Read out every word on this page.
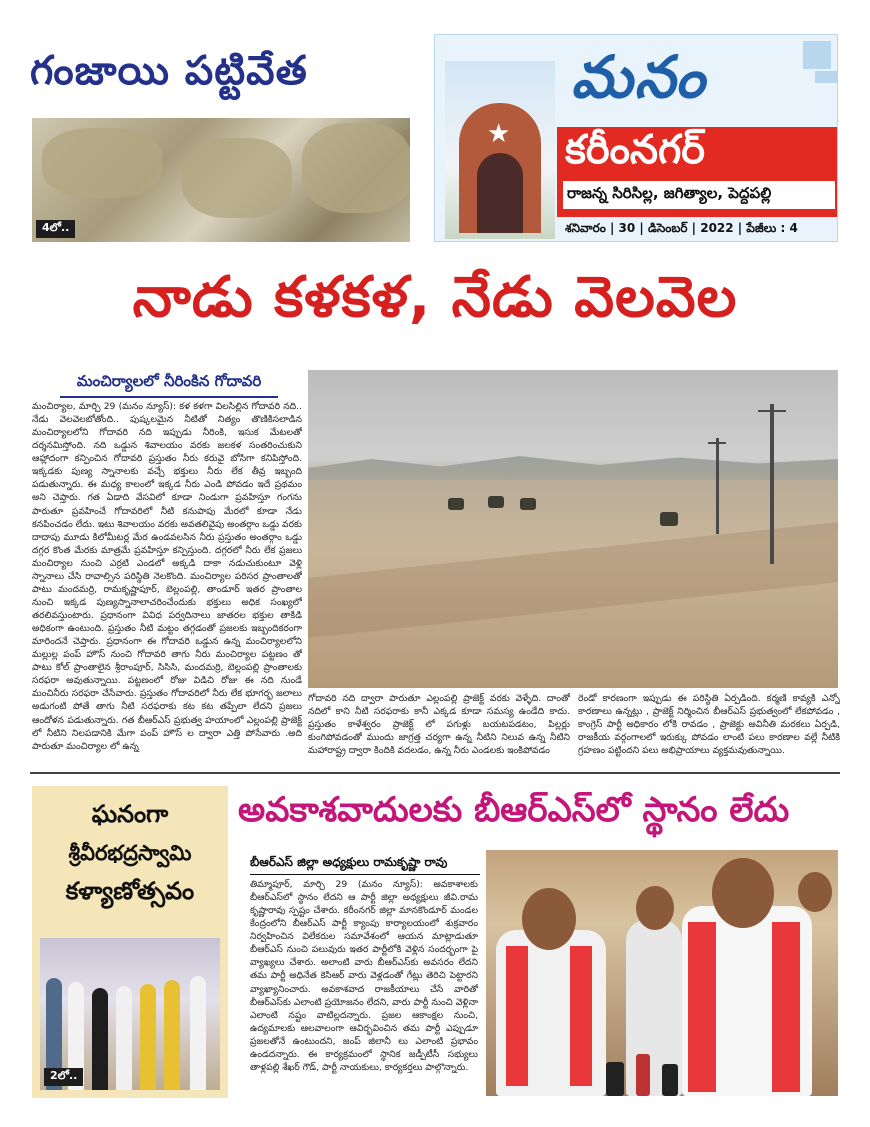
గంజాయి పట్టివేత
4లో..
★
మనం
కరీంనగర్
రాజన్న సిరిసిల్ల, జగిత్యాల, పెద్దపల్లి
శనివారం | 30 | డిసెంబర్ | 2022 | పేజీలు : 4
నాడు కళకళ, నేడు వెలవెల
మంచిర్యాలలో నీరింకిన గోదావరి
మంచిర్యాల, మార్చి 29 (మనం న్యూస్): కళ కళగా విలసిల్లిన గోదావరి నది.. నేడు వెలవెలబోతోంది.. పుష్కలమైన నీటితో నిత్యం తొణికిసలాడిన మంచిర్యాలలోని గోదావరి నది ఇప్పుడు నీరింకి, ఇసుక మేటలతో దర్శనమిస్తోంది. నది ఒడ్డున శివాలయం వరకు జలకళ సంతరించుకుని ఆహ్లాదంగా కన్పించిన గోదావరి ప్రస్తుతం నీరు కరువై బోసిగా కనిపిస్తోంది. ఇక్కడకు పుణ్య స్నానాలకు వచ్చే భక్తులు నీరు లేక తీవ్ర ఇబ్బంది పడుతున్నారు. ఈ మధ్య కాలంలో ఇక్కడ నీరు ఎండి పోవడం ఇదే ప్రథమం అని చెప్తారు. గత ఏడాది వేసవిలో కూడా నిండుగా ప్రవహిస్తూ గంగను పారుతూ ప్రవహించే గోదావరిలో నీటి కనుపాపు మేరలో కూడా నేడు కనపించడం లేదు. ఇటు శివాలయం వరకు అవతలివైపు అంతర్గాం ఒడ్డు వరకు దాదాపు మూడు కిలోమీటర్ల మేర ఉండవలసిన నీరు ప్రస్తుతం అంతర్గాం ఒడ్డు దగ్గర కొంత మేరకు మాత్రమే ప్రవహిస్తూ కన్పిస్తుంది. దగ్గరలో నీరు లేక ప్రజలు మంచిర్యాల నుంచి ఎర్రటి ఎండలో అక్కడి దాకా నడుచుకుంటూ వెళ్లి స్నానాలు చేసి రావాల్సిన పరిస్థితి నెలకొంది. మంచిర్యాల పరిసర ప్రాంతాలతో పాటు మందమర్రి, రామకృష్ణాపూర్, బెల్లంపల్లి, తాండూర్ ఇతర ప్రాంతాల నుంచి ఇక్కడ పుణ్యస్నానాలాచరించేందుకు భక్తులు అధిక సంఖ్యలో తరలివస్తుంటారు. ప్రధానంగా వివిధ పర్వదినాలు జాతరల భక్తుల తాకిడి అధికంగా ఉంటుంది. ప్రస్తుతం నీటి మట్టం తగ్గడంతో ప్రజలకు ఇబ్బందికరంగా మారిందనే చెప్తారు. ప్రధానంగా ఈ గోదావరి ఒడ్డున ఉన్న మంచిర్యాలలోని మల్లుల్ల పంప్ హౌస్ నుంచి గోదావరి తాగు నీరు మంచిర్యాల పట్టణం తో పాటు కోల్ ప్రాంతాలైన శ్రీరాంపూర్, సిసిసి, మందమర్రి, బెల్లంపల్లి ప్రాంతాలకు సరఫరా అవుతున్నాయి. పట్టణంలో రోజు విడిచి రోజు ఈ నది నుండే మంచినీరు సరఫరా చేసేవారు. ప్రస్తుతం గోదావరిలో నీరు లేక భూగర్భ జలాలు అడుగంటి పోతే తాగు నీటి సరఫరాకు కట కట తప్పేలా లేదని ప్రజలు ఆందోళన పడుతున్నారు. గత బీఆర్ఎస్ ప్రభుత్వ హయాంలో ఎల్లంపల్లి ప్రాజెక్ట్ లో నీటిని నిలపడానికి మేగా పంప్ హౌస్ ల ద్వారా ఎత్తి పోసేవారు .అది పారుతూ మంచిర్యాల లో ఉన్న
గోదావరి నది ద్వారా పారుతూ ఎల్లంపల్లి ప్రాజెక్ట్ వరకు వెళ్ళేది. దాంతో నదిలో కాని నీటి సరఫరాకు కానీ ఎక్కడ కూడా సమస్య ఉండేది కాదు. ప్రస్తుతం కాళేశ్వరం ప్రాజెక్ట్ లో పగుళ్లు బయటపడటం, పిల్లర్లు కుంగిపోవడంతో ముందు జాగ్రత్త చర్యగా ఉన్న నీటిని నిలువ ఉన్న నీటిని మహారాష్ట్ర ద్వారా కిందికి వదలడం, ఉన్న నీరు ఎండలకు ఇంకిపోవడం
రెండో కారణంగా ఇప్పుడు ఈ పరిస్థితి ఏర్పడింది. కర్మణి కావ్యకి ఎన్నో కారణాలు ఉన్నట్లు , ప్రాజెక్ట్ నిర్మించిన బీఆర్ఎస్ ప్రభుత్వంలో లేకపోవడం , కాంగ్రెస్ పార్టీ అధికారం లోకి రావడం , ప్రాజెక్టు అవినీతి మరకలు ఏర్పడి, రాజకీయ వర్గంగాలలో ఇరుక్కు పోవడం లాంటి పలు కారణాల వల్లే నీటికి గ్రహణం పట్టిందని పలు అభిప్రాయాలు వ్యక్తమవుతున్నాయి.
ఘనంగా
శ్రీవీరభద్రస్వామి
కళ్యాణోత్సవం
2లో..
అవకాశవాదులకు బీఆర్ఎస్‌లో స్థానం లేదు
బీఆర్ఎస్ జిల్లా అధ్యక్షులు రామకృష్ణా రావు
తిమ్మాపూర్, మార్చి 29 (మనం న్యూస్): అవకాశాలకు బీఆర్ఎస్‌లో స్థానం లేదని ఆ పార్టీ జిల్లా అధ్యక్షులు జీవి.రామ కృష్ణారావు స్పష్టం చేశారు. కరీంనగర్ జిల్లా మానకొండూర్ మండల కేంద్రంలోని బీఆర్ఎస్ పార్టీ క్యాంపు కార్యాలయంలో శుక్రవారం నిర్వహించిన విలేకరుల సమావేశంలో ఆయన మాట్లాడుతూ బీఆర్ఎస్ నుంచి పలువురు ఇతర పార్టీలోకి వెళ్లిన సందర్భంగా పై వ్యాఖ్యలు చేశారు. అలాంటి వారు బీఆర్ఎస్‌కు అవసరం లేదని తమ పార్టీ అధినేత కెసిఆర్ వారు వెళ్లడంతో గేట్లు తెరిచి పెట్టారని వ్యాఖ్యానించారు. అవకాశవాద రాజకీయాలు చేసే వారితో బీఆర్ఎస్‌కు ఎలాంటి ప్రయోజనం లేదని, వారు పార్టీ నుంచి వెళ్లినా ఎలాంటి నష్టం వాటిల్లదన్నారు. ప్రజల ఆకాంక్షల నుంచి, ఉద్యమాలకు ఆలవాలంగా ఆవిర్భవించిన తమ పార్టీ ఎప్పుడూ ప్రజలతోనే ఉంటుందని, జంప్ జిలానీ లు ఎలాంటి ప్రభావం ఉండదన్నారు. ఈ కార్యక్రమంలో స్థానిక జడ్పీటీసీ సభ్యులు తాళ్లపల్లి శేఖర్ గౌడ్, పార్టీ నాయకులు, కార్యకర్తలు పాల్గొన్నారు.
